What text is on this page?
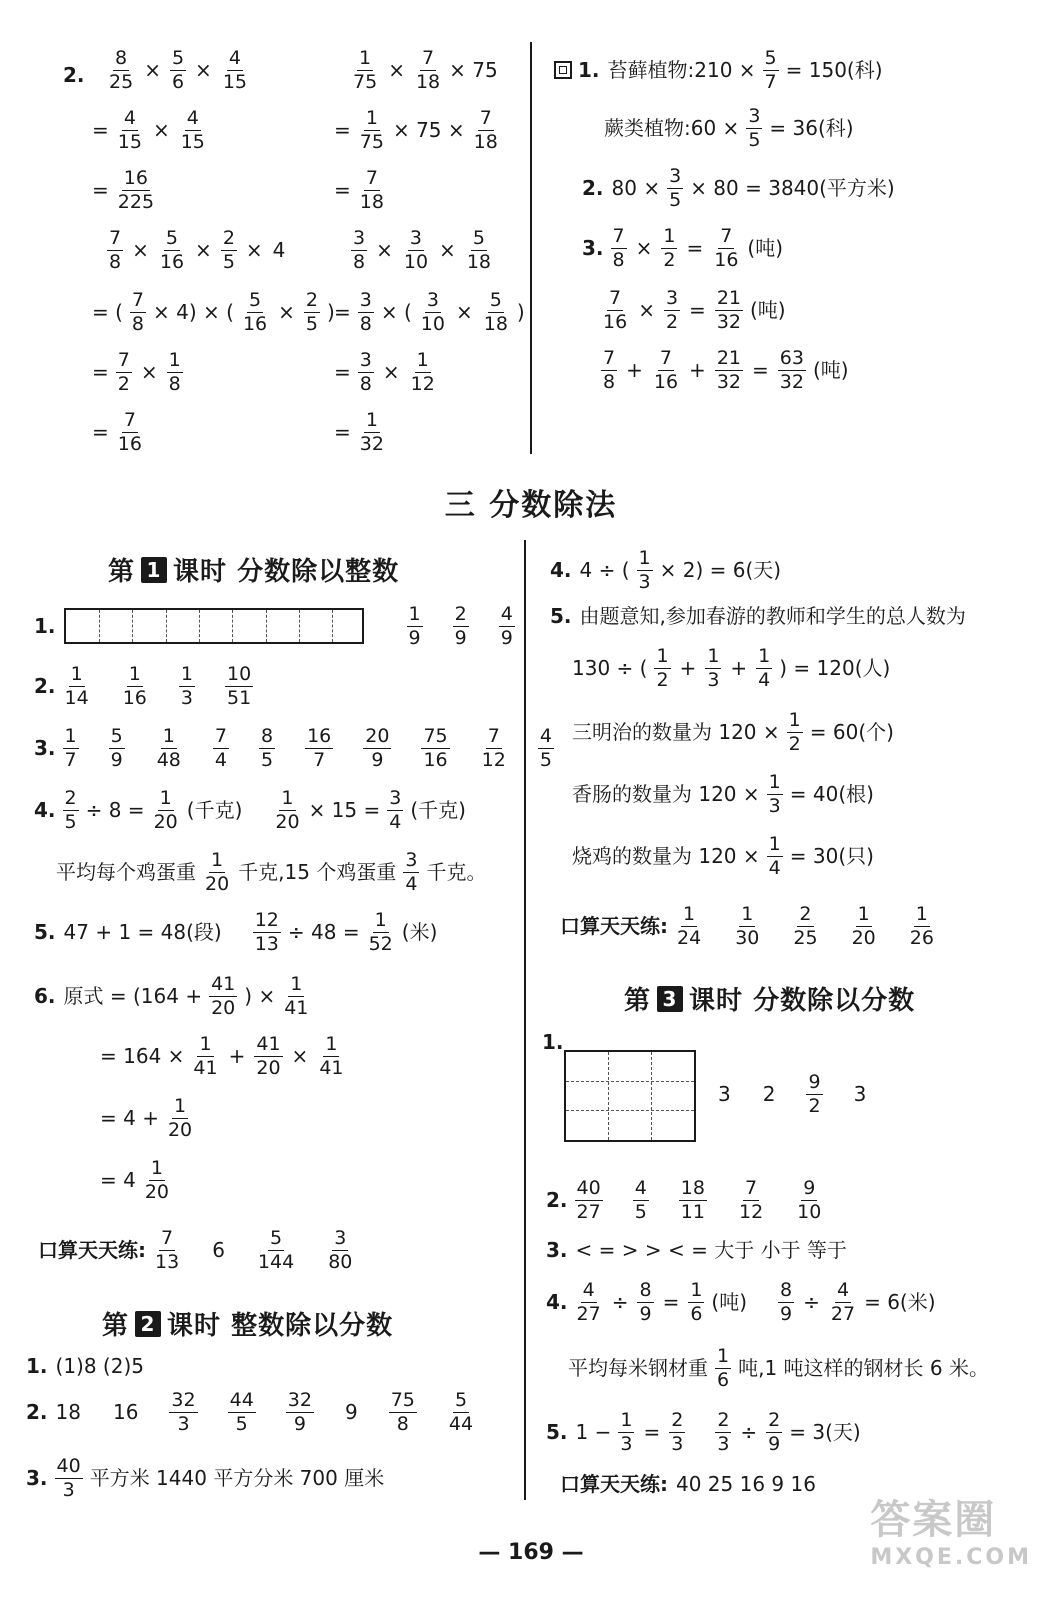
2. $\frac{8}{25} \times \frac{5}{6} \times \frac{4}{15}$
= $\frac{4}{15} \times \frac{4}{15}$
= $\frac{16}{225}$
$\frac{7}{8} \times \frac{5}{16} \times \frac{2}{5} \times 4$
= ( $\frac{7}{8} \times 4$) × ( $\frac{5}{16} \times \frac{2}{5}$ )
= $\frac{7}{2} \times \frac{1}{8}$
= $\frac{7}{16}$
$\frac{1}{75} \times \frac{7}{18} \times 75$
= $\frac{1}{75} \times 75 \times \frac{7}{18}$
= $\frac{7}{18}$
$\frac{3}{8} \times \frac{3}{10} \times \frac{5}{18}$
= $\frac{3}{8}$ × ( $\frac{3}{10} \times \frac{5}{18}$ )
= $\frac{3}{8} \times \frac{1}{12}$
= $\frac{1}{32}$
1. 苔藓植物:210 × $\frac{5}{7} = 150$(科)
蕨类植物:60 × $\frac{3}{5} = 36$(科)
2. $80 \times \frac{3}{5} \times 80 = 3840$(平方米)
3. $\frac{7}{8} \times \frac{1}{2} = \frac{7}{16}$ (吨)
$\frac{7}{16} \times \frac{3}{2} = \frac{21}{32}$ (吨)
$\frac{7}{8} + \frac{7}{16} + \frac{21}{32} = \frac{63}{32}$ (吨)
三 分数除法
第 1 课时 分数除以整数
1.	$\frac{1}{9} \frac{2}{9} \frac{4}{9}$
2. $\frac{1}{14} \frac{1}{16} \frac{1}{3} \frac{10}{51}$
3. $\frac{1}{7} \frac{5}{9} \frac{1}{48} \frac{7}{4} \frac{8}{5} \frac{16}{7} \frac{20}{9} \frac{75}{16} \frac{7}{12} \frac{4}{5}$
4. $\frac{2}{5} \div 8 = \frac{1}{20}$ (千克) $\frac{1}{20} \times 15 = \frac{3}{4}$ (千克)
平均每个鸡蛋重 $\frac{1}{20}$ 千克,15 个鸡蛋重 $\frac{3}{4}$ 千克。
5. 47 + 1 = 48(段) $\frac{12}{13} \div 48 = \frac{1}{52}$ (米)
6. 原式 = ($164 + \frac{41}{20}$ ) × $\frac{1}{41}$
= $164 \times \frac{1}{41} + \frac{41}{20} \times \frac{1}{41}$
= $4 + \frac{1}{20}$
= $4 \frac{1}{20}$
口算天天练: $\frac{7}{13} 6 \frac{5}{144} \frac{3}{80}$
第 2 课时 整数除以分数
1. (1)8 (2)5
2. 18 $16 \frac{32}{3} \frac{44}{5} \frac{32}{9} 9 \frac{75}{8} \frac{5}{44}$
3. $\frac{40}{3}$ 平方米 1440 平方分米 700 厘米
4. 4 ÷ ( $\frac{1}{3} \times 2) = 6$(天)
5. 由题意知,参加春游的教师和学生的总人数为
130 ÷ ( $\frac{1}{2} + \frac{1}{3} + \frac{1}{4}$ ) = 120(人)
三明治的数量为 $120 \times \frac{1}{2} = 60$(个)
香肠的数量为 $120 \times \frac{1}{3} = 40$(根)
烧鸡的数量为 $120 \times \frac{1}{4} = 30$(只)
口算天天练: $\frac{1}{24} \frac{1}{30} \frac{2}{25} \frac{1}{20} \frac{1}{26}$
第 3 课时 分数除以分数
1.
3 $2 \frac{9}{2} 3$
2. $\frac{40}{27} \frac{4}{5} \frac{18}{11} \frac{7}{12} \frac{9}{10}$
3. < = > > < = 大于 小于 等于
4. $\frac{4}{27} \div \frac{8}{9} = \frac{1}{6}$ (吨) $\frac{8}{9} \div \frac{4}{27} = 6$(米)
平均每米钢材重 $\frac{1}{6}$ 吨,1 吨这样的钢材长 6 米。
5. $1 - \frac{1}{3} = \frac{2}{3} \frac{2}{3} \div \frac{2}{9} = 3$(天)
口算天天练: 40 25 16 9 16
— 169 —
答案圈
MXQE.COM
